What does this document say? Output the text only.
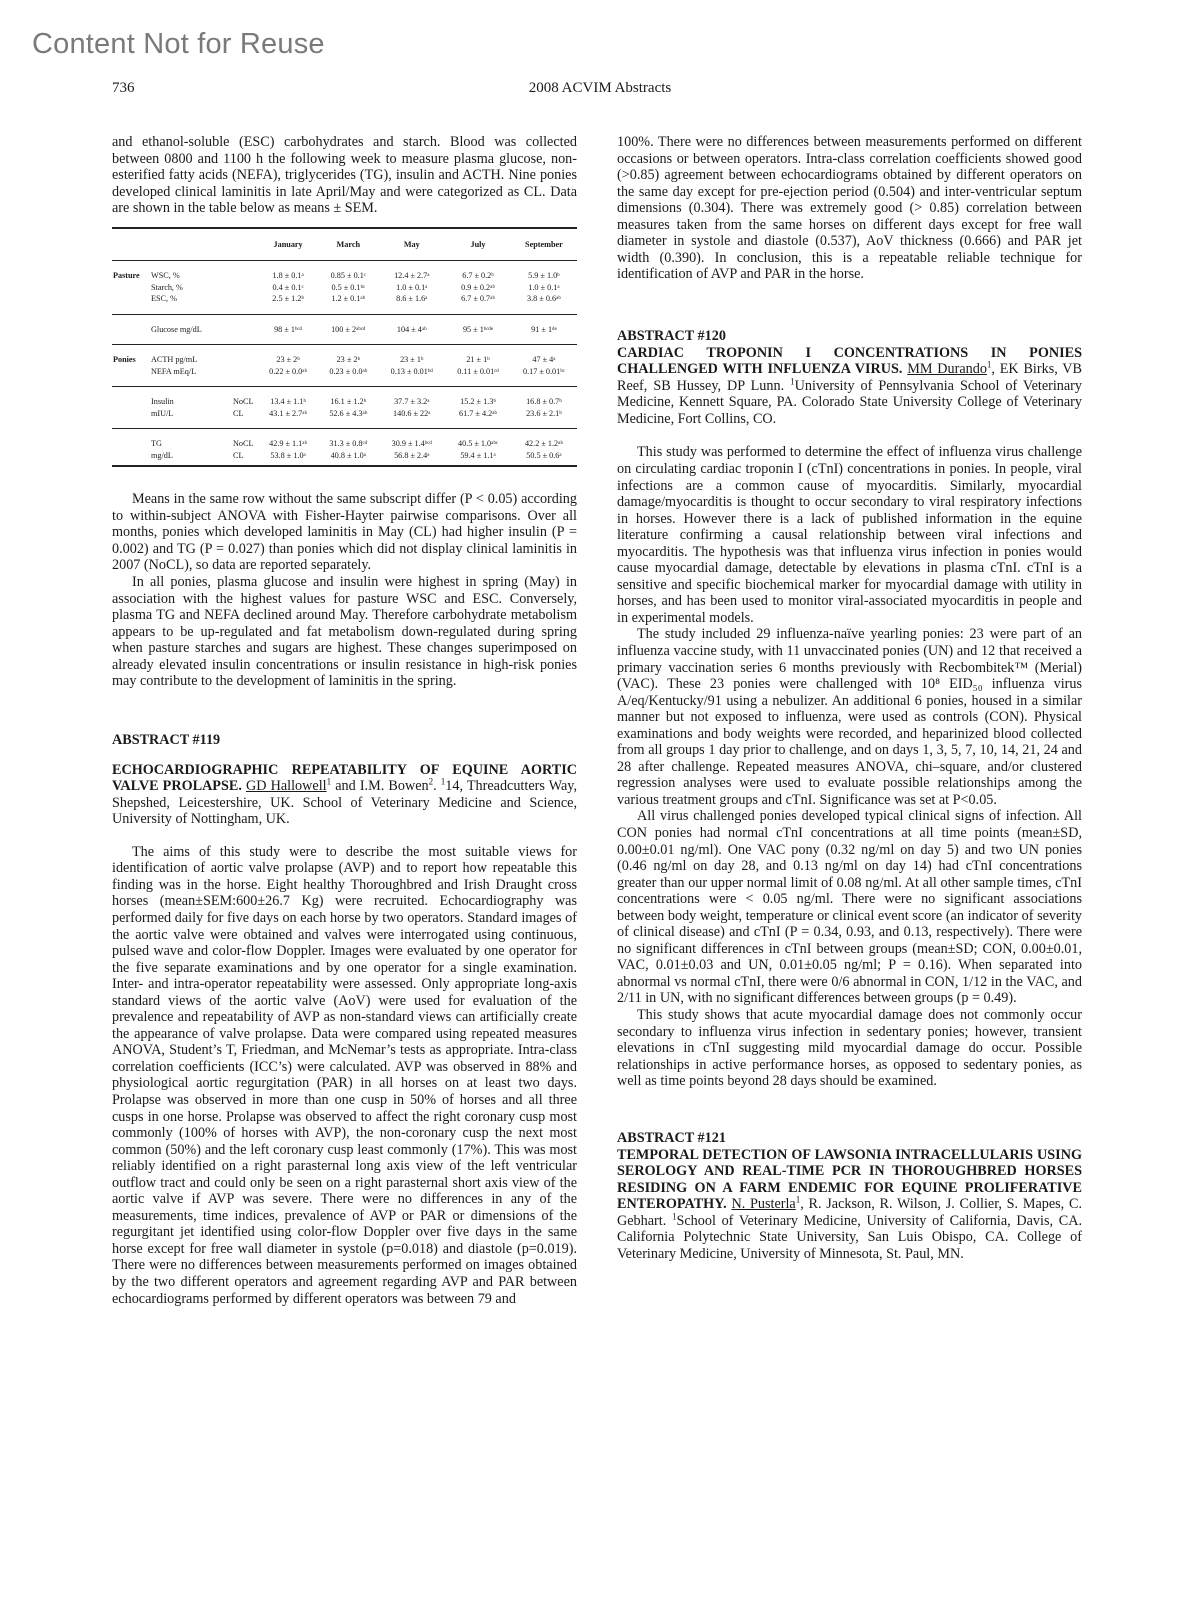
Content Not for Reuse
736	2008 ACVIM Abstracts

and ethanol-soluble (ESC) carbohydrates and starch. Blood was collected between 0800 and 1100 h the following week to measure plasma glucose, non-esterified fatty acids (NEFA), triglycerides (TG), insulin and ACTH. Nine ponies developed clinical laminitis in late April/May and were categorized as CL. Data are shown in the table below as means ± SEM.

			January	March	May	July	September
Pasture	WSC, %		1.8 ± 0.1ᵃ	0.85 ± 0.1ᶜ	12.4 ± 2.7ᵃ	6.7 ± 0.2ᵇ	5.9 ± 1.0ᵇ
	Starch, %		0.4 ± 0.1ᶜ	0.5 ± 0.1ᵇᶜ	1.0 ± 0.1ᵃ	0.9 ± 0.2ᵃᵇ	1.0 ± 0.1ᵃ
	ESC, %		2.5 ± 1.2ᵇ	1.2 ± 0.1ᵃᵇ	8.6 ± 1.6ᵃ	6.7 ± 0.7ᵃᵇ	3.8 ± 0.6ᵃᵇ
	Glucose mg/dL		98 ± 1ᵇᶜᵈ	100 ± 2ᵃᵇᶜᵈ	104 ± 4ᵃᵇ	95 ± 1ᵇᶜᵈᵉ	91 ± 1ᵈᵉ
Ponies	ACTH pg/mL		23 ± 2ᵇ	23 ± 2ᵇ	23 ± 1ᵇ	21 ± 1ᵇ	47 ± 4ᵃ
	NEFA mEq/L		0.22 ± 0.0ᵃᵇ	0.23 ± 0.0ᵃᵇ	0.13 ± 0.01ᵇᵈ	0.11 ± 0.01ᶜᵈ	0.17 ± 0.01ᵇᶜ
	Insulin	NoCL	13.4 ± 1.1ᵇ	16.1 ± 1.2ᵇ	37.7 ± 3.2ᵃ	15.2 ± 1.3ᵇ	16.8 ± 0.7ᵇ
	mIU/L	CL	43.1 ± 2.7ᵃᵇ	52.6 ± 4.3ᵃᵇ	140.6 ± 22ᵃ	61.7 ± 4.2ᵃᵇ	23.6 ± 2.1ᵇ
	TG	NoCL	42.9 ± 1.1ᵃᵇ	31.3 ± 0.8ᶜᵈ	30.9 ± 1.4ᵇᶜᵈ	40.5 ± 1.0ᵃᵇᶜ	42.2 ± 1.2ᵃᵇ
	mg/dL	CL	53.8 ± 1.0ᵃ	40.8 ± 1.0ᵃ	56.8 ± 2.4ᵃ	59.4 ± 1.1ᵃ	50.5 ± 0.6ᵃ

Means in the same row without the same subscript differ (P < 0.05) according to within-subject ANOVA with Fisher-Hayter pairwise comparisons. Over all months, ponies which developed laminitis in May (CL) had higher insulin (P = 0.002) and TG (P = 0.027) than ponies which did not display clinical laminitis in 2007 (NoCL), so data are reported separately.

In all ponies, plasma glucose and insulin were highest in spring (May) in association with the highest values for pasture WSC and ESC. Conversely, plasma TG and NEFA declined around May. Therefore carbohydrate metabolism appears to be up-regulated and fat metabolism down-regulated during spring when pasture starches and sugars are highest. These changes superimposed on already elevated insulin concentrations or insulin resistance in high-risk ponies may contribute to the development of laminitis in the spring.

ABSTRACT #119

ECHOCARDIOGRAPHIC REPEATABILITY OF EQUINE AORTIC VALVE PROLAPSE. GD Hallowell$^1$ and I.M. Bowen$^2$. $^1$14, Threadcutters Way, Shepshed, Leicestershire, UK. School of Veterinary Medicine and Science, University of Nottingham, UK.

The aims of this study were to describe the most suitable views for identification of aortic valve prolapse (AVP) and to report how repeatable this finding was in the horse. Eight healthy Thoroughbred and Irish Draught cross horses (mean±SEM:600±26.7 Kg) were recruited. Echocardiography was performed daily for five days on each horse by two operators. Standard images of the aortic valve were obtained and valves were interrogated using continuous, pulsed wave and color-flow Doppler. Images were evaluated by one operator for the five separate examinations and by one operator for a single examination. Inter- and intra-operator repeatability were assessed. Only appropriate long-axis standard views of the aortic valve (AoV) were used for evaluation of the prevalence and repeatability of AVP as non-standard views can artificially create the appearance of valve prolapse. Data were compared using repeated measures ANOVA, Student’s T, Friedman, and McNemar’s tests as appropriate. Intra-class correlation coefficients (ICC’s) were calculated. AVP was observed in 88% and physiological aortic regurgitation (PAR) in all horses on at least two days. Prolapse was observed in more than one cusp in 50% of horses and all three cusps in one horse. Prolapse was observed to affect the right coronary cusp most commonly (100% of horses with AVP), the non-coronary cusp the next most common (50%) and the left coronary cusp least commonly (17%). This was most reliably identified on a right parasternal long axis view of the left ventricular outflow tract and could only be seen on a right parasternal short axis view of the aortic valve if AVP was severe. There were no differences in any of the measurements, time indices, prevalence of AVP or PAR or dimensions of the regurgitant jet identified using color-flow Doppler over five days in the same horse except for free wall diameter in systole (p=0.018) and diastole (p=0.019). There were no differences between measurements performed on images obtained by the two different operators and agreement regarding AVP and PAR between echocardiograms performed by different operators was between 79 and

100%. There were no differences between measurements performed on different occasions or between operators. Intra-class correlation coefficients showed good (>0.85) agreement between echocardiograms obtained by different operators on the same day except for pre-ejection period (0.504) and inter-ventricular septum dimensions (0.304). There was extremely good (> 0.85) correlation between measures taken from the same horses on different days except for free wall diameter in systole and diastole (0.537), AoV thickness (0.666) and PAR jet width (0.390). In conclusion, this is a repeatable reliable technique for identification of AVP and PAR in the horse.

ABSTRACT #120

CARDIAC TROPONIN I CONCENTRATIONS IN PONIES CHALLENGED WITH INFLUENZA VIRUS. MM Durando$^1$, EK Birks, VB Reef, SB Hussey, DP Lunn. $^1$University of Pennsylvania School of Veterinary Medicine, Kennett Square, PA. Colorado State University College of Veterinary Medicine, Fort Collins, CO.

This study was performed to determine the effect of influenza virus challenge on circulating cardiac troponin I (cTnI) concentrations in ponies. In people, viral infections are a common cause of myocarditis. Similarly, myocardial damage/myocarditis is thought to occur secondary to viral respiratory infections in horses. However there is a lack of published information in the equine literature confirming a causal relationship between viral infections and myocarditis. The hypothesis was that influenza virus infection in ponies would cause myocardial damage, detectable by elevations in plasma cTnI. cTnI is a sensitive and specific biochemical marker for myocardial damage with utility in horses, and has been used to monitor viral-associated myocarditis in people and in experimental models.

The study included 29 influenza-naïve yearling ponies: 23 were part of an influenza vaccine study, with 11 unvaccinated ponies (UN) and 12 that received a primary vaccination series 6 months previously with Recbombitek™ (Merial) (VAC). These 23 ponies were challenged with 10⁸ EID₅₀ influenza virus A/eq/Kentucky/91 using a nebulizer. An additional 6 ponies, housed in a similar manner but not exposed to influenza, were used as controls (CON). Physical examinations and body weights were recorded, and heparinized blood collected from all groups 1 day prior to challenge, and on days 1, 3, 5, 7, 10, 14, 21, 24 and 28 after challenge. Repeated measures ANOVA, chi–square, and/or clustered regression analyses were used to evaluate possible relationships among the various treatment groups and cTnI. Significance was set at P<0.05.

All virus challenged ponies developed typical clinical signs of infection. All CON ponies had normal cTnI concentrations at all time points (mean±SD, 0.00±0.01 ng/ml). One VAC pony (0.32 ng/ml on day 5) and two UN ponies (0.46 ng/ml on day 28, and 0.13 ng/ml on day 14) had cTnI concentrations greater than our upper normal limit of 0.08 ng/ml. At all other sample times, cTnI concentrations were < 0.05 ng/ml. There were no significant associations between body weight, temperature or clinical event score (an indicator of severity of clinical disease) and cTnI (P = 0.34, 0.93, and 0.13, respectively). There were no significant differences in cTnI between groups (mean±SD; CON, 0.00±0.01, VAC, 0.01±0.03 and UN, 0.01±0.05 ng/ml; P = 0.16). When separated into abnormal vs normal cTnI, there were 0/6 abnormal in CON, 1/12 in the VAC, and 2/11 in UN, with no significant differences between groups (p = 0.49).

This study shows that acute myocardial damage does not commonly occur secondary to influenza virus infection in sedentary ponies; however, transient elevations in cTnI suggesting mild myocardial damage do occur. Possible relationships in active performance horses, as opposed to sedentary ponies, as well as time points beyond 28 days should be examined.

ABSTRACT #121

TEMPORAL DETECTION OF LAWSONIA INTRACELLULARIS USING SEROLOGY AND REAL-TIME PCR IN THOROUGHBRED HORSES RESIDING ON A FARM ENDEMIC FOR EQUINE PROLIFERATIVE ENTEROPATHY. N. Pusterla$^1$, R. Jackson, R. Wilson, J. Collier, S. Mapes, C. Gebhart. $^1$School of Veterinary Medicine, University of California, Davis, CA. California Polytechnic State University, San Luis Obispo, CA. College of Veterinary Medicine, University of Minnesota, St. Paul, MN.
